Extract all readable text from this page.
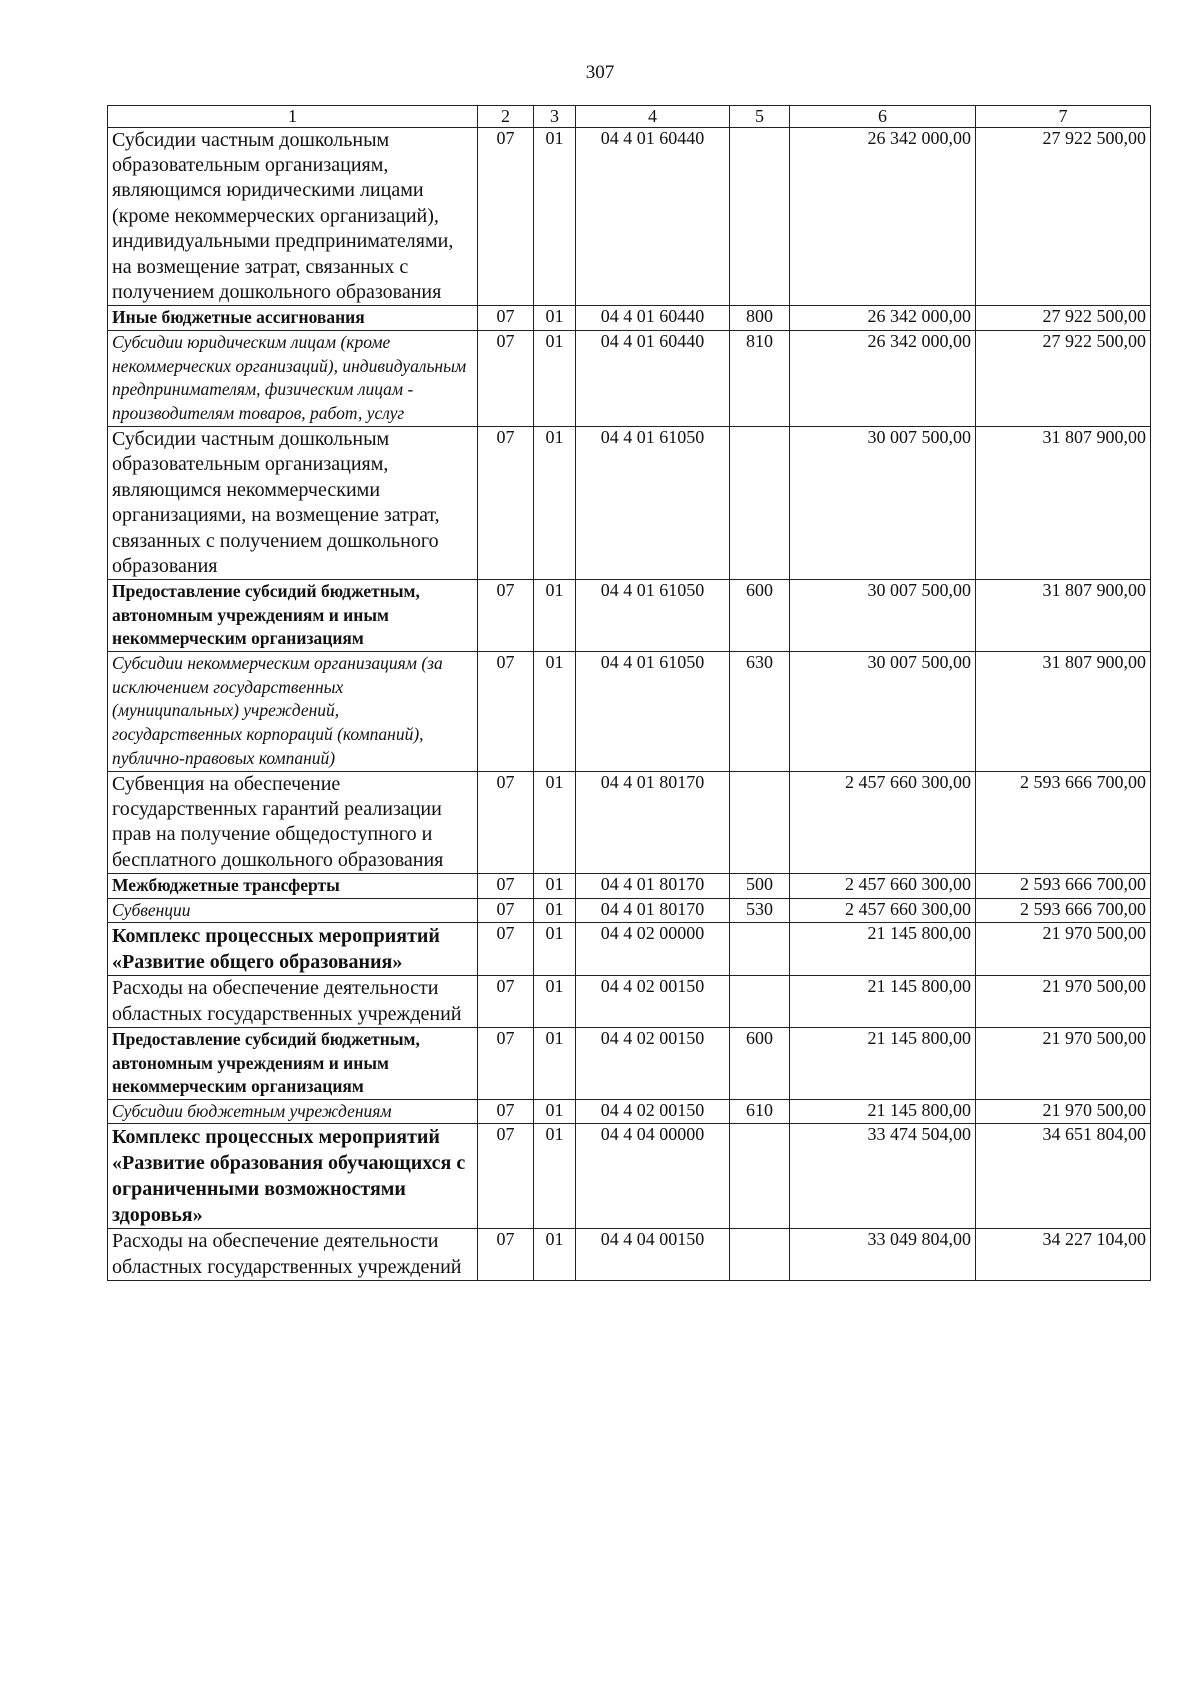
307
1	2	3	4	5	6	7
Субсидии частным дошкольным образовательным организациям, являющимся юридическими лицами (кроме некоммерческих организаций), индивидуальными предпринимателями, на возмещение затрат, связанных с получением дошкольного образования	07	01	04 4 01 60440		26 342 000,00	27 922 500,00
Иные бюджетные ассигнования	07	01	04 4 01 60440	800	26 342 000,00	27 922 500,00
Субсидии юридическим лицам (кроме некоммерческих организаций), индивидуальным предпринимателям, физическим лицам - производителям товаров, работ, услуг	07	01	04 4 01 60440	810	26 342 000,00	27 922 500,00
Субсидии частным дошкольным образовательным организациям, являющимся некоммерческими организациями, на возмещение затрат, связанных с получением дошкольного образования	07	01	04 4 01 61050		30 007 500,00	31 807 900,00
Предоставление субсидий бюджетным, автономным учреждениям и иным некоммерческим организациям	07	01	04 4 01 61050	600	30 007 500,00	31 807 900,00
Субсидии некоммерческим организациям (за исключением государственных (муниципальных) учреждений, государственных корпораций (компаний), публично-правовых компаний)	07	01	04 4 01 61050	630	30 007 500,00	31 807 900,00
Субвенция на обеспечение государственных гарантий реализации прав на получение общедоступного и бесплатного дошкольного образования	07	01	04 4 01 80170		2 457 660 300,00	2 593 666 700,00
Межбюджетные трансферты	07	01	04 4 01 80170	500	2 457 660 300,00	2 593 666 700,00
Субвенции	07	01	04 4 01 80170	530	2 457 660 300,00	2 593 666 700,00
Комплекс процессных мероприятий «Развитие общего образования»	07	01	04 4 02 00000		21 145 800,00	21 970 500,00
Расходы на обеспечение деятельности областных государственных учреждений	07	01	04 4 02 00150		21 145 800,00	21 970 500,00
Предоставление субсидий бюджетным, автономным учреждениям и иным некоммерческим организациям	07	01	04 4 02 00150	600	21 145 800,00	21 970 500,00
Субсидии бюджетным учреждениям	07	01	04 4 02 00150	610	21 145 800,00	21 970 500,00
Комплекс процессных мероприятий «Развитие образования обучающихся с ограниченными возможностями здоровья»	07	01	04 4 04 00000		33 474 504,00	34 651 804,00
Расходы на обеспечение деятельности областных государственных учреждений	07	01	04 4 04 00150		33 049 804,00	34 227 104,00
